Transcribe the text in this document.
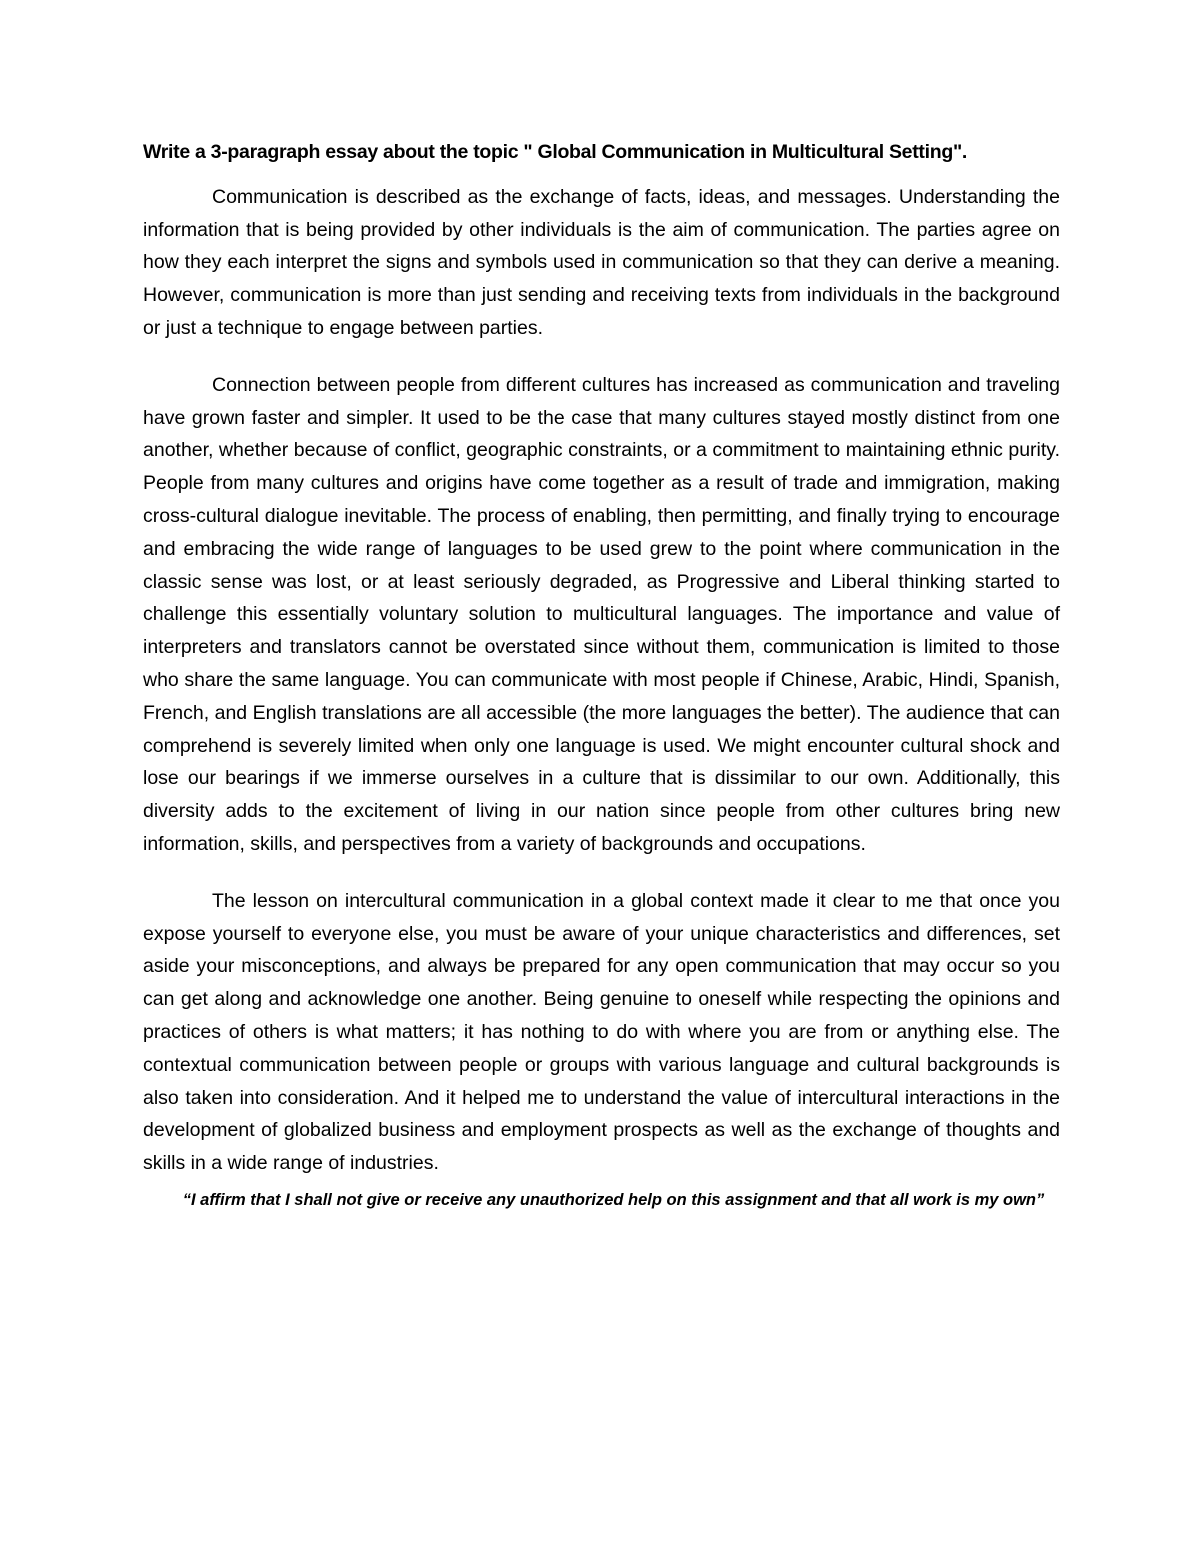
Write a 3-paragraph essay about the topic " Global Communication in Multicultural Setting".

Communication is described as the exchange of facts, ideas, and messages. Understanding the information that is being provided by other individuals is the aim of communication. The parties agree on how they each interpret the signs and symbols used in communication so that they can derive a meaning. However, communication is more than just sending and receiving texts from individuals in the background or just a technique to engage between parties.

Connection between people from different cultures has increased as communication and traveling have grown faster and simpler. It used to be the case that many cultures stayed mostly distinct from one another, whether because of conflict, geographic constraints, or a commitment to maintaining ethnic purity. People from many cultures and origins have come together as a result of trade and immigration, making cross-cultural dialogue inevitable. The process of enabling, then permitting, and finally trying to encourage and embracing the wide range of languages to be used grew to the point where communication in the classic sense was lost, or at least seriously degraded, as Progressive and Liberal thinking started to challenge this essentially voluntary solution to multicultural languages. The importance and value of interpreters and translators cannot be overstated since without them, communication is limited to those who share the same language. You can communicate with most people if Chinese, Arabic, Hindi, Spanish, French, and English translations are all accessible (the more languages the better). The audience that can comprehend is severely limited when only one language is used. We might encounter cultural shock and lose our bearings if we immerse ourselves in a culture that is dissimilar to our own. Additionally, this diversity adds to the excitement of living in our nation since people from other cultures bring new information, skills, and perspectives from a variety of backgrounds and occupations.

The lesson on intercultural communication in a global context made it clear to me that once you expose yourself to everyone else, you must be aware of your unique characteristics and differences, set aside your misconceptions, and always be prepared for any open communication that may occur so you can get along and acknowledge one another. Being genuine to oneself while respecting the opinions and practices of others is what matters; it has nothing to do with where you are from or anything else. The contextual communication between people or groups with various language and cultural backgrounds is also taken into consideration. And it helped me to understand the value of intercultural interactions in the development of globalized business and employment prospects as well as the exchange of thoughts and skills in a wide range of industries.

“I affirm that I shall not give or receive any unauthorized help on this assignment and that all work is my own”
